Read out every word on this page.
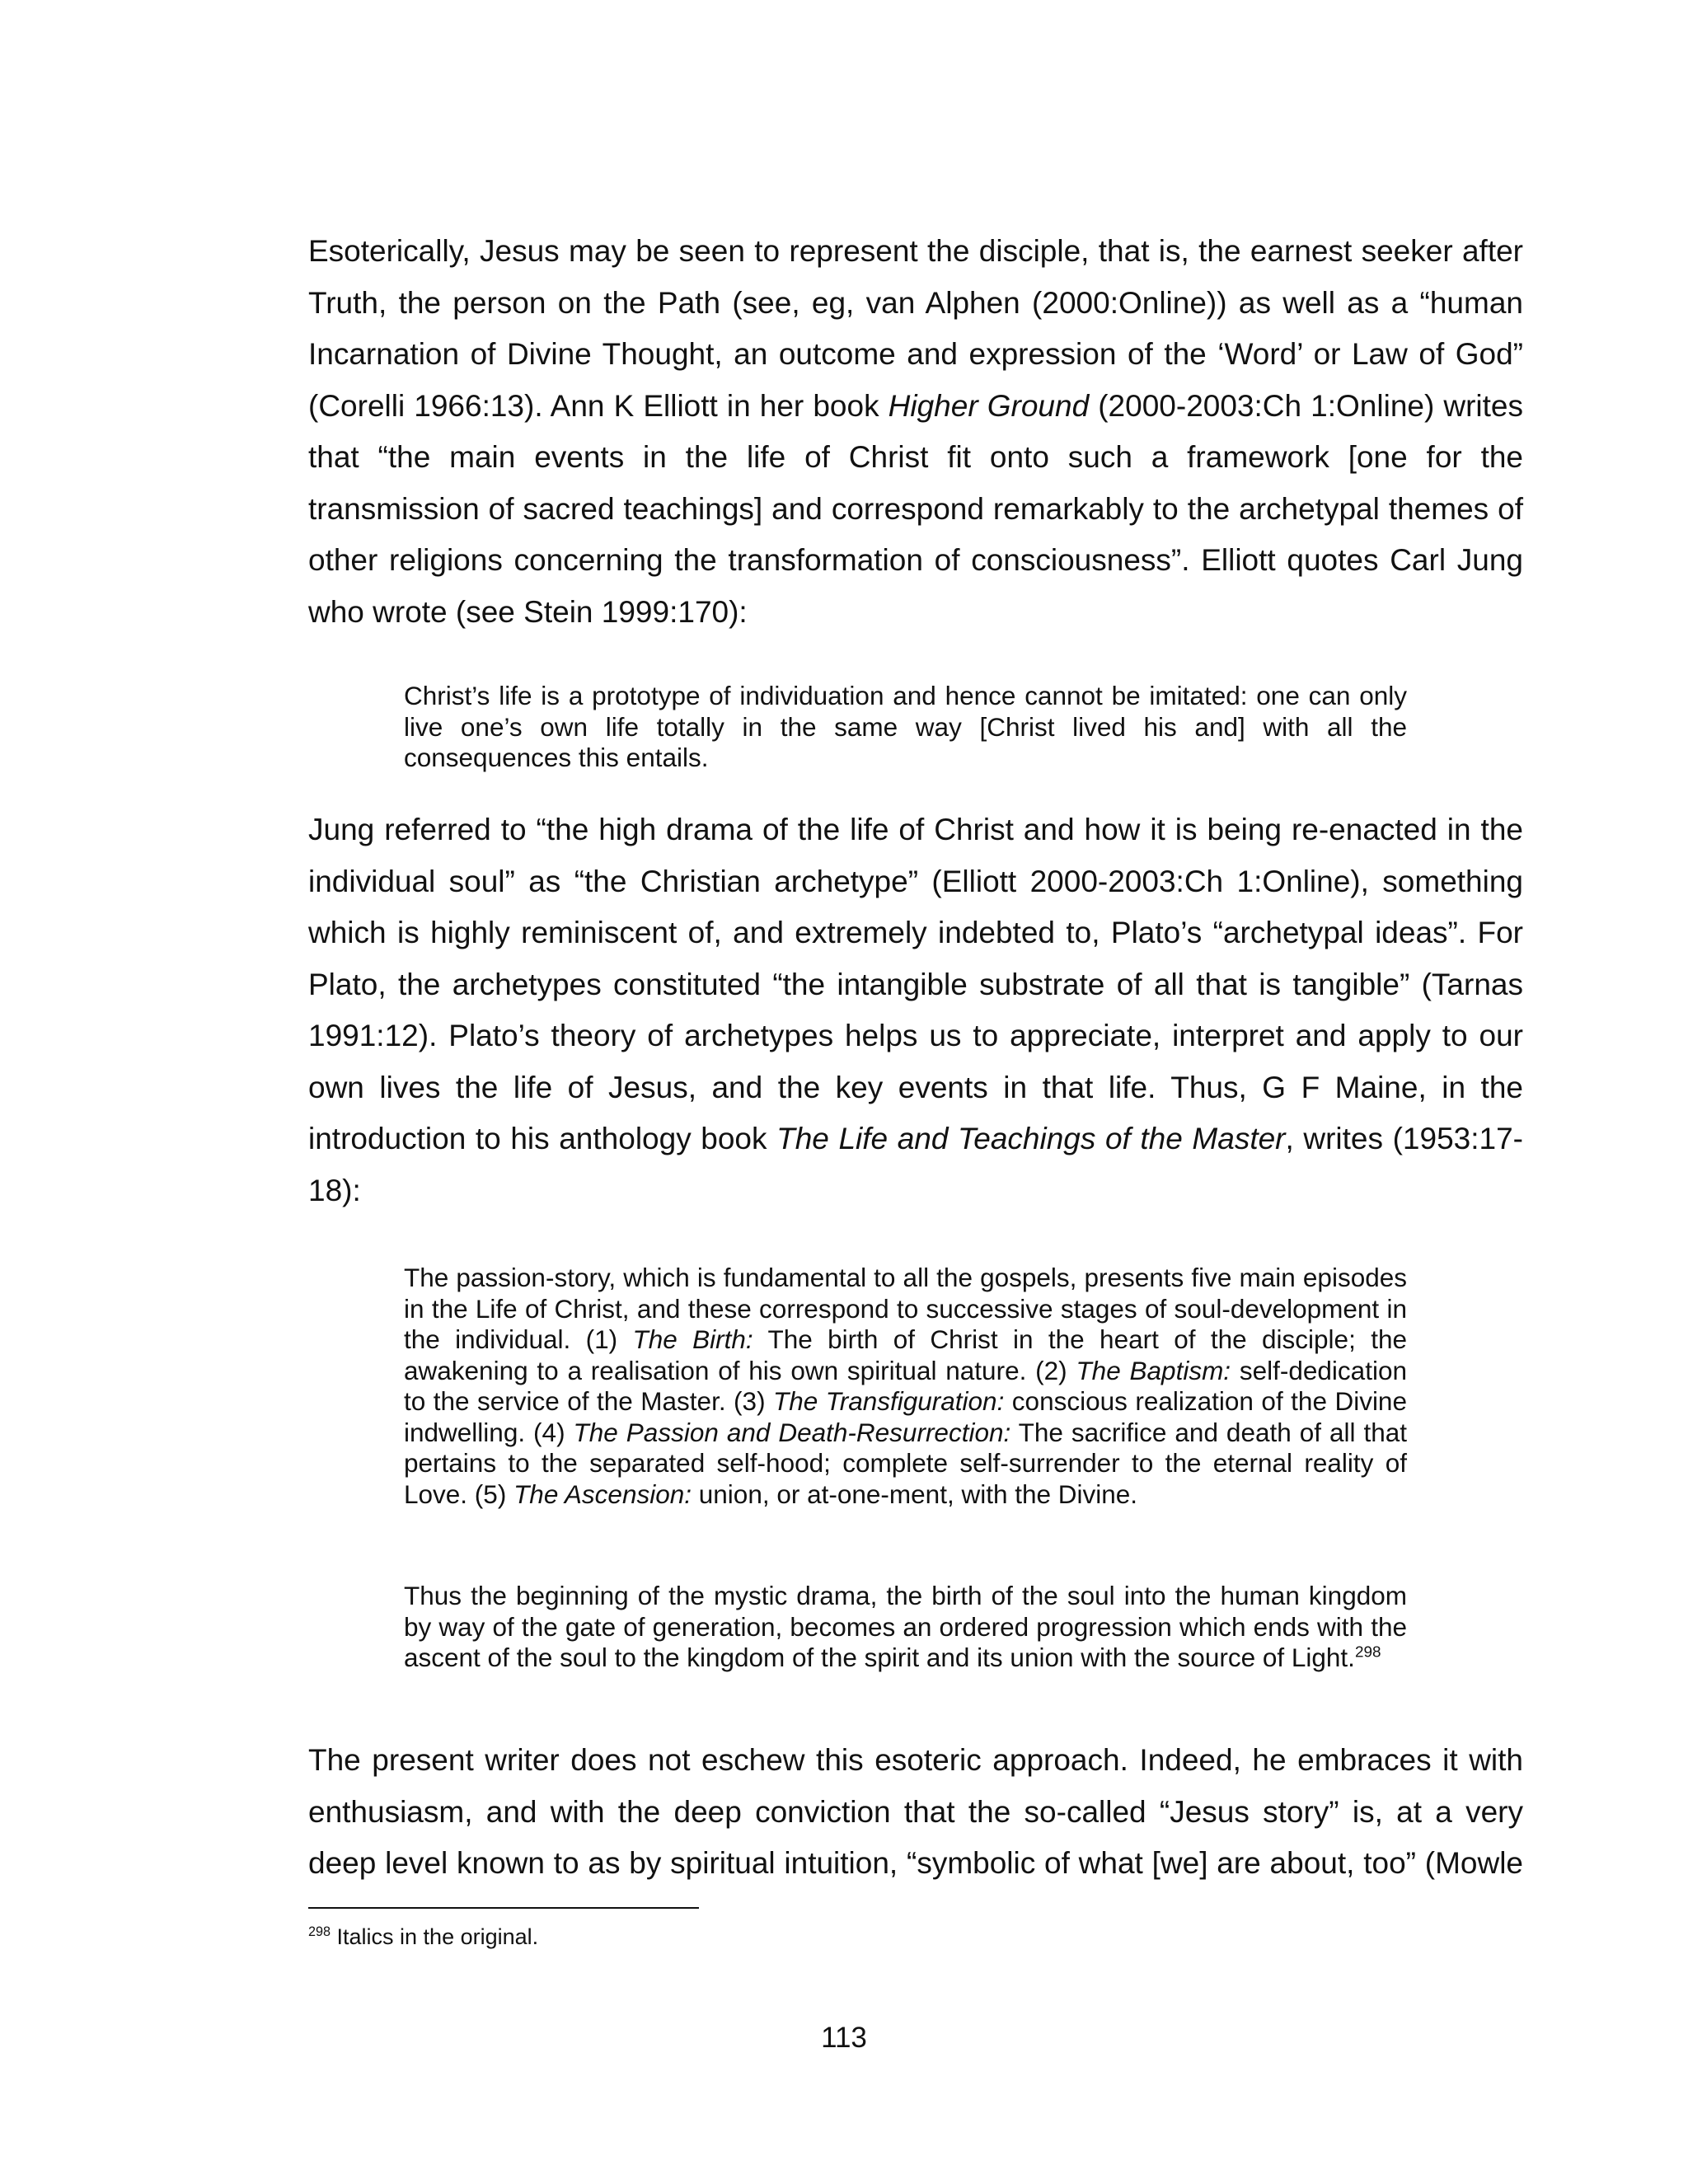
Esoterically, Jesus may be seen to represent the disciple, that is, the earnest seeker after Truth, the person on the Path (see, eg, van Alphen (2000:Online)) as well as a “human Incarnation of Divine Thought, an outcome and expression of the ‘Word’ or Law of God” (Corelli 1966:13). Ann K Elliott in her book Higher Ground (2000-2003:Ch 1:Online) writes that “the main events in the life of Christ fit onto such a framework [one for the transmission of sacred teachings] and correspond remarkably to the archetypal themes of other religions concerning the transformation of consciousness”. Elliott quotes Carl Jung who wrote (see Stein 1999:170):

Christ’s life is a prototype of individuation and hence cannot be imitated: one can only live one’s own life totally in the same way [Christ lived his and] with all the consequences this entails.

Jung referred to “the high drama of the life of Christ and how it is being re-enacted in the individual soul” as “the Christian archetype” (Elliott 2000-2003:Ch 1:Online), something which is highly reminiscent of, and extremely indebted to, Plato’s “archetypal ideas”. For Plato, the archetypes constituted “the intangible substrate of all that is tangible” (Tarnas 1991:12). Plato’s theory of archetypes helps us to appreciate, interpret and apply to our own lives the life of Jesus, and the key events in that life. Thus, G F Maine, in the introduction to his anthology book The Life and Teachings of the Master, writes (1953:17-18):

The passion-story, which is fundamental to all the gospels, presents five main episodes in the Life of Christ, and these correspond to successive stages of soul-development in the individual. (1) The Birth: The birth of Christ in the heart of the disciple; the awakening to a realisation of his own spiritual nature. (2) The Baptism: self-dedication to the service of the Master. (3) The Transfiguration: conscious realization of the Divine indwelling. (4) The Passion and Death-Resurrection: The sacrifice and death of all that pertains to the separated self-hood; complete self-surrender to the eternal reality of Love. (5) The Ascension: union, or at-one-ment, with the Divine.

Thus the beginning of the mystic drama, the birth of the soul into the human kingdom by way of the gate of generation, becomes an ordered progression which ends with the ascent of the soul to the kingdom of the spirit and its union with the source of Light.$^{298}$

The present writer does not eschew this esoteric approach. Indeed, he embraces it with enthusiasm, and with the deep conviction that the so-called “Jesus story” is, at a very deep level known to as by spiritual intuition, “symbolic of what [we] are about, too” (Mowle

$^{298}$ Italics in the original.

113
